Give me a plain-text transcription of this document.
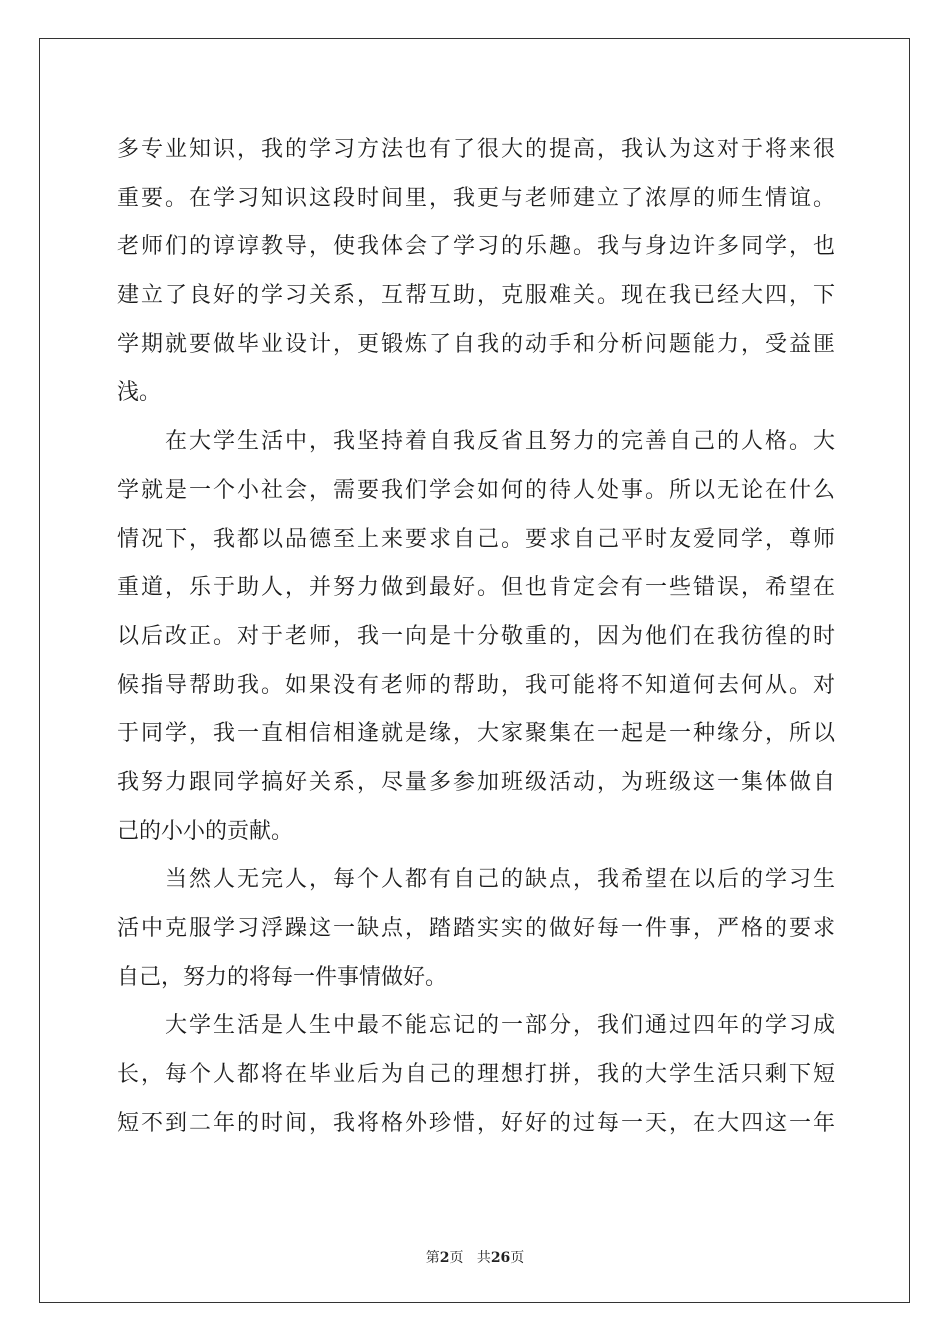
多专业知识，我的学习方法也有了很大的提高，我认为这对于将来很
重要。在学习知识这段时间里，我更与老师建立了浓厚的师生情谊。
老师们的谆谆教导，使我体会了学习的乐趣。我与身边许多同学，也
建立了良好的学习关系，互帮互助，克服难关。现在我已经大四，下
学期就要做毕业设计，更锻炼了自我的动手和分析问题能力，受益匪
浅。
在大学生活中，我坚持着自我反省且努力的完善自己的人格。大
学就是一个小社会，需要我们学会如何的待人处事。所以无论在什么
情况下，我都以品德至上来要求自己。要求自己平时友爱同学，尊师
重道，乐于助人，并努力做到最好。但也肯定会有一些错误，希望在
以后改正。对于老师，我一向是十分敬重的，因为他们在我彷徨的时
候指导帮助我。如果没有老师的帮助，我可能将不知道何去何从。对
于同学，我一直相信相逢就是缘，大家聚集在一起是一种缘分，所以
我努力跟同学搞好关系，尽量多参加班级活动，为班级这一集体做自
己的小小的贡献。
当然人无完人，每个人都有自己的缺点，我希望在以后的学习生
活中克服学习浮躁这一缺点，踏踏实实的做好每一件事，严格的要求
自己，努力的将每一件事情做好。
大学生活是人生中最不能忘记的一部分，我们通过四年的学习成
长，每个人都将在毕业后为自己的理想打拼，我的大学生活只剩下短
短不到二年的时间，我将格外珍惜，好好的过每一天，在大四这一年
第2页 共26页
